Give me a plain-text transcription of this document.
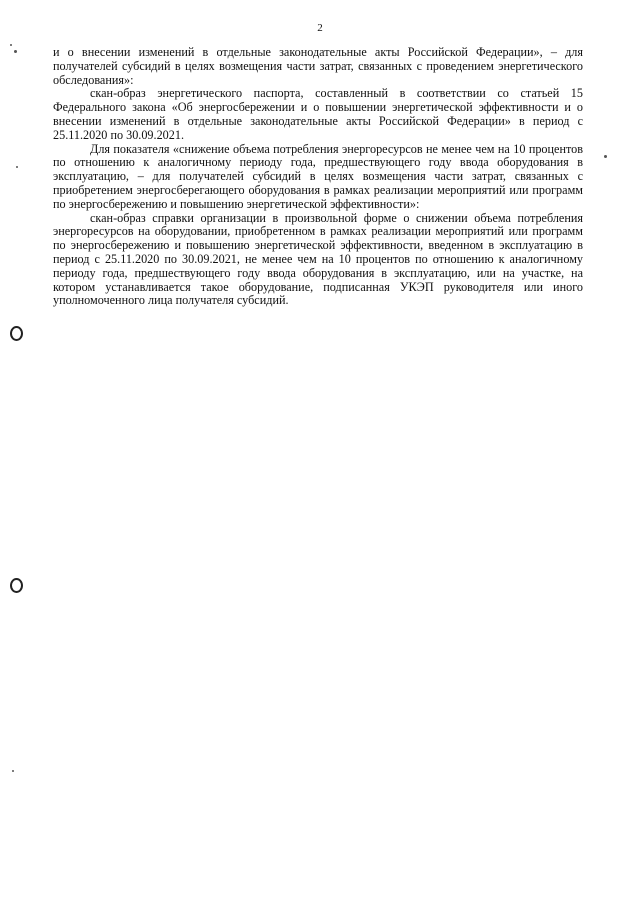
2

и о внесении изменений в отдельные законодательные акты Российской Федерации», – для получателей субсидий в целях возмещения части затрат, связанных с проведением энергетического обследования»:

скан-образ энергетического паспорта, составленный в соответствии со статьей 15 Федерального закона «Об энергосбережении и о повышении энергетической эффективности и о внесении изменений в отдельные законодательные акты Российской Федерации» в период с 25.11.2020 по 30.09.2021.

Для показателя «снижение объема потребления энергоресурсов не менее чем на 10 процентов по отношению к аналогичному периоду года, предшествующего году ввода оборудования в эксплуатацию, – для получателей субсидий в целях возмещения части затрат, связанных с приобретением энергосберегающего оборудования в рамках реализации мероприятий или программ по энергосбережению и повышению энергетической эффективности»:

скан-образ справки организации в произвольной форме о снижении объема потребления энергоресурсов на оборудовании, приобретенном в рамках реализации мероприятий или программ по энергосбережению и повышению энергетической эффективности, введенном в эксплуатацию в период с 25.11.2020 по 30.09.2021, не менее чем на 10 процентов по отношению к аналогичному периоду года, предшествующего году ввода оборудования в эксплуатацию, или на участке, на котором устанавливается такое оборудование, подписанная УКЭП руководителя или иного уполномоченного лица получателя субсидий.
